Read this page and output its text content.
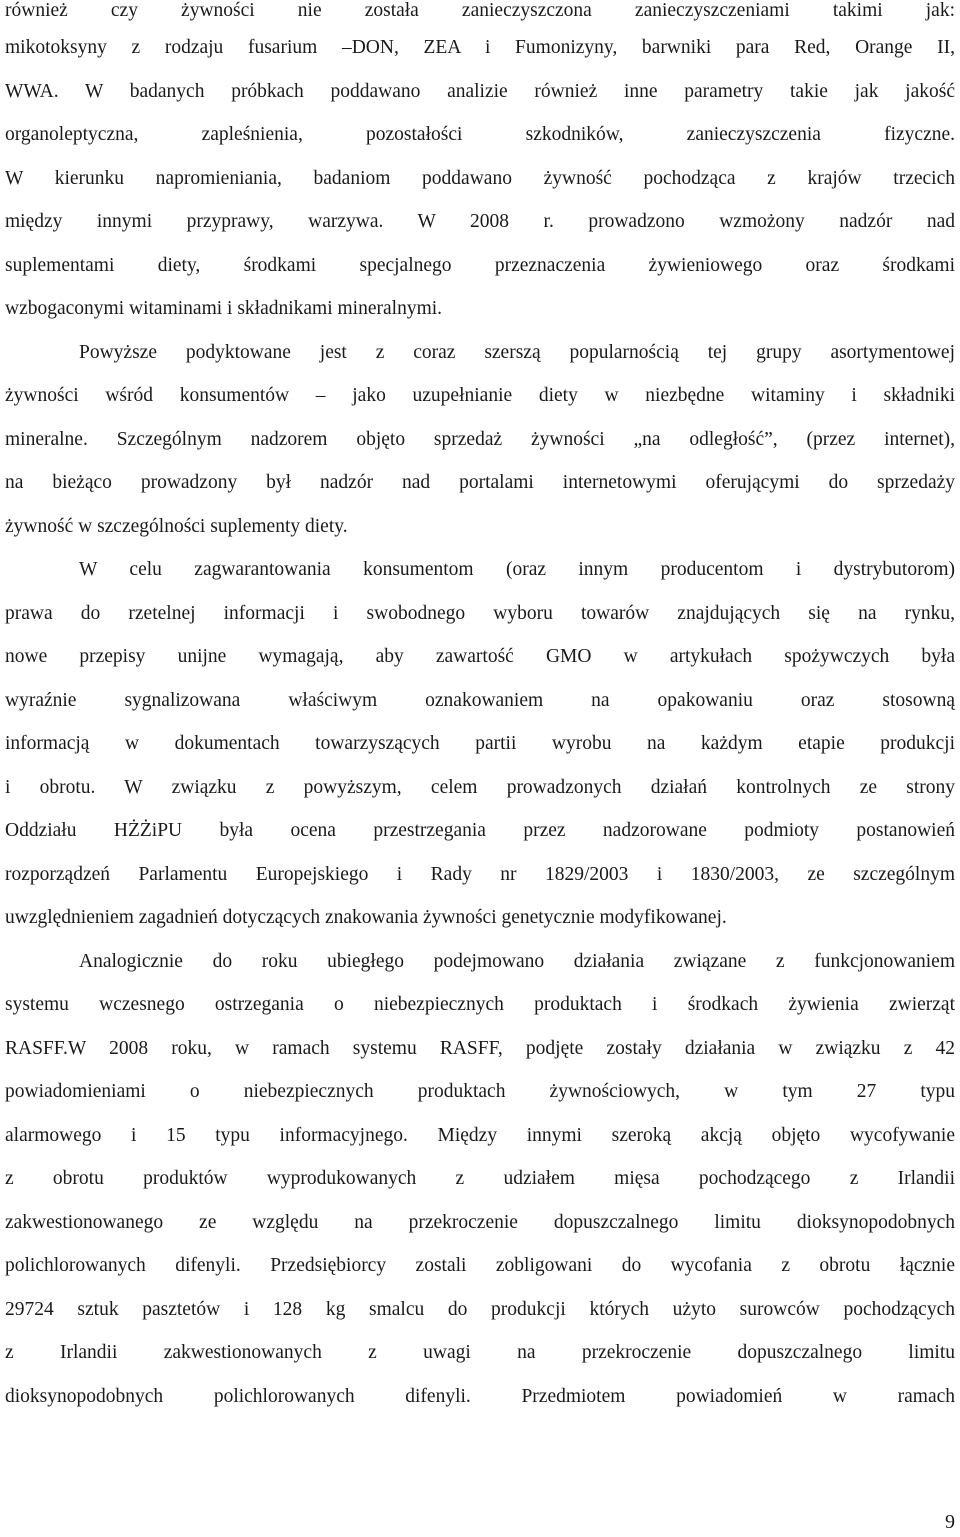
również czy żywności nie została zanieczyszczona zanieczyszczeniami takimi jak:
mikotoksyny z rodzaju fusarium –DON, ZEA i Fumonizyny, barwniki para Red, Orange II,
WWA. W badanych próbkach poddawano analizie również inne parametry takie jak jakość
organoleptyczna, zapleśnienia, pozostałości szkodników, zanieczyszczenia fizyczne.
W kierunku napromieniania, badaniom poddawano żywność pochodząca z krajów trzecich
między innymi przyprawy, warzywa. W 2008 r. prowadzono wzmożony nadzór nad
suplementami diety, środkami specjalnego przeznaczenia żywieniowego oraz środkami
wzbogaconymi witaminami i składnikami mineralnymi.
Powyższe podyktowane jest z coraz szerszą popularnością tej grupy asortymentowej
żywności wśród konsumentów – jako uzupełnianie diety w niezbędne witaminy i składniki
mineralne. Szczególnym nadzorem objęto sprzedaż żywności „na odległość”, (przez internet),
na bieżąco prowadzony był nadzór nad portalami internetowymi oferującymi do sprzedaży
żywność w szczególności suplementy diety.
W celu zagwarantowania konsumentom (oraz innym producentom i dystrybutorom)
prawa do rzetelnej informacji i swobodnego wyboru towarów znajdujących się na rynku,
nowe przepisy unijne wymagają, aby zawartość GMO w artykułach spożywczych była
wyraźnie sygnalizowana właściwym oznakowaniem na opakowaniu oraz stosowną
informacją w dokumentach towarzyszących partii wyrobu na każdym etapie produkcji
i obrotu. W związku z powyższym, celem prowadzonych działań kontrolnych ze strony
Oddziału HŻŻiPU była ocena przestrzegania przez nadzorowane podmioty postanowień
rozporządzeń Parlamentu Europejskiego i Rady nr 1829/2003 i 1830/2003, ze szczególnym
uwzględnieniem zagadnień dotyczących znakowania żywności genetycznie modyfikowanej.
Analogicznie do roku ubiegłego podejmowano działania związane z funkcjonowaniem
systemu wczesnego ostrzegania o niebezpiecznych produktach i środkach żywienia zwierząt
RASFF.W 2008 roku, w ramach systemu RASFF, podjęte zostały działania w związku z 42
powiadomieniami o niebezpiecznych produktach żywnościowych, w tym 27 typu
alarmowego i 15 typu informacyjnego. Między innymi szeroką akcją objęto wycofywanie
z obrotu produktów wyprodukowanych z udziałem mięsa pochodzącego z Irlandii
zakwestionowanego ze względu na przekroczenie dopuszczalnego limitu dioksynopodobnych
polichlorowanych difenyli. Przedsiębiorcy zostali zobligowani do wycofania z obrotu łącznie
29724 sztuk pasztetów i 128 kg smalcu do produkcji których użyto surowców pochodzących
z Irlandii zakwestionowanych z uwagi na przekroczenie dopuszczalnego limitu
dioksynopodobnych polichlorowanych difenyli. Przedmiotem powiadomień w ramach
9
